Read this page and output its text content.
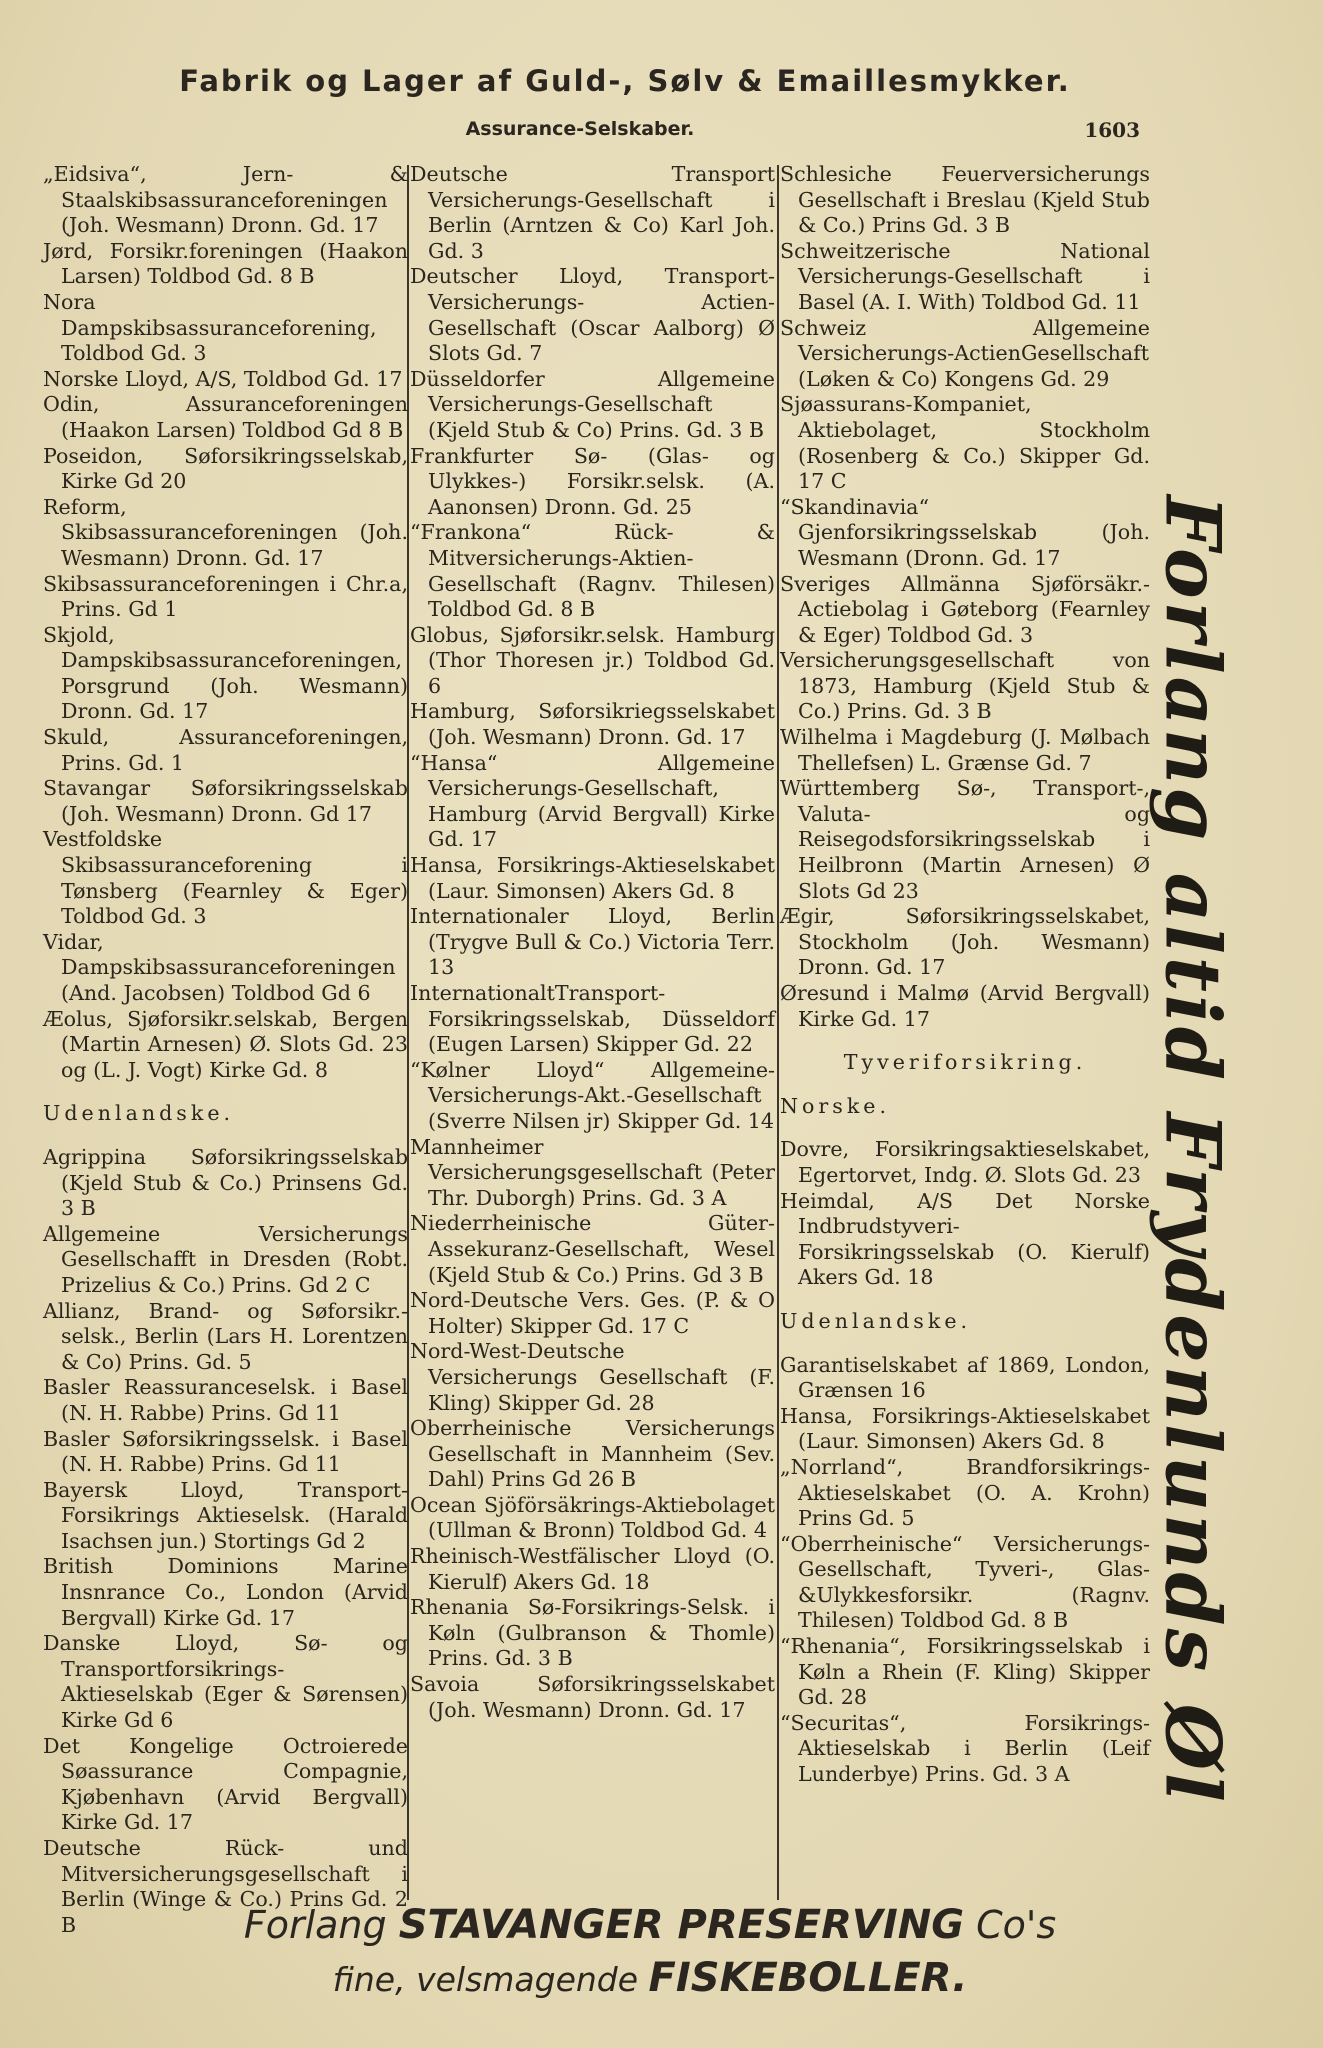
Fabrik og Lager af Guld-, Sølv & Emaillesmykker.
Assurance-Selskaber.	1603
„Eidsiva“, Jern- & Staalskibsassuranceforeningen (Joh. Wesmann) Dronn. Gd. 17
Jørd, Forsikr.foreningen (Haakon Larsen) Toldbod Gd. 8 B
Nora Dampskibsassuranceforening, Toldbod Gd. 3
Norske Lloyd, A/S, Toldbod Gd. 17
Odin, Assuranceforeningen (Haakon Larsen) Toldbod Gd 8 B
Poseidon, Søforsikringsselskab, Kirke Gd 20
Reform, Skibsassuranceforeningen (Joh. Wesmann) Dronn. Gd. 17
Skibsassuranceforeningen i Chr.a, Prins. Gd 1
Skjold, Dampskibsassuranceforeningen, Porsgrund (Joh. Wesmann) Dronn. Gd. 17
Skuld, Assuranceforeningen, Prins. Gd. 1
Stavangar Søforsikringsselskab (Joh. Wesmann) Dronn. Gd 17
Vestfoldske Skibsassuranceforening i Tønsberg (Fearnley & Eger) Toldbod Gd. 3
Vidar, Dampskibsassuranceforeningen (And. Jacobsen) Toldbod Gd 6
Æolus, Sjøforsikr.selskab, Bergen (Martin Arnesen) Ø. Slots Gd. 23 og (L. J. Vogt) Kirke Gd. 8
Udenlandske.
Agrippina Søforsikringsselskab (Kjeld Stub & Co.) Prinsens Gd. 3 B
Allgemeine Versicherungs Gesellschafft in Dresden (Robt. Prizelius & Co.) Prins. Gd 2 C
Allianz, Brand- og Søforsikr.-selsk., Berlin (Lars H. Lorentzen & Co) Prins. Gd. 5
Basler Reassuranceselsk. i Basel (N. H. Rabbe) Prins. Gd 11
Basler Søforsikringsselsk. i Basel (N. H. Rabbe) Prins. Gd 11
Bayersk Lloyd, Transport-Forsikrings Aktieselsk. (Harald Isachsen jun.) Stortings Gd 2
British Dominions Marine Insnrance Co., London (Arvid Bergvall) Kirke Gd. 17
Danske Lloyd, Sø- og Transportforsikrings-Aktieselskab (Eger & Sørensen) Kirke Gd 6
Det Kongelige Octroierede Søassurance Compagnie, Kjøbenhavn (Arvid Bergvall) Kirke Gd. 17
Deutsche Rück- und Mitversicherungsgesellschaft i Berlin (Winge & Co.) Prins Gd. 2 B
Deutsche Transport Versicherungs-Gesellschaft i Berlin (Arntzen & Co) Karl Joh. Gd. 3
Deutscher Lloyd, Transport-Versicherungs- Actien-Gesellschaft (Oscar Aalborg) Ø Slots Gd. 7
Düsseldorfer Allgemeine Versicherungs-Gesellschaft (Kjeld Stub & Co) Prins. Gd. 3 B
Frankfurter Sø- (Glas- og Ulykkes-) Forsikr.selsk. (A. Aanonsen) Dronn. Gd. 25
“Frankona“ Rück- & Mitversicherungs-Aktien-Gesellschaft (Ragnv. Thilesen) Toldbod Gd. 8 B
Globus, Sjøforsikr.selsk. Hamburg (Thor Thoresen jr.) Toldbod Gd. 6
Hamburg, Søforsikriegsselskabet (Joh. Wesmann) Dronn. Gd. 17
“Hansa“ Allgemeine Versicherungs-Gesellschaft, Hamburg (Arvid Bergvall) Kirke Gd. 17
Hansa, Forsikrings-Aktieselskabet (Laur. Simonsen) Akers Gd. 8
Internationaler Lloyd, Berlin (Trygve Bull & Co.) Victoria Terr. 13
InternationaltTransport-Forsikringsselskab, Düsseldorf (Eugen Larsen) Skipper Gd. 22
“Kølner Lloyd“ Allgemeine-Versicherungs-Akt.-Gesellschaft (Sverre Nilsen jr) Skipper Gd. 14
Mannheimer Versicherungsgesellschaft (Peter Thr. Duborgh) Prins. Gd. 3 A
Niederrheinische Güter-Assekuranz-Gesellschaft, Wesel (Kjeld Stub & Co.) Prins. Gd 3 B
Nord-Deutsche Vers. Ges. (P. & O Holter) Skipper Gd. 17 C
Nord-West-Deutsche Versicherungs Gesellschaft (F. Kling) Skipper Gd. 28
Oberrheinische Versicherungs Gesellschaft in Mannheim (Sev. Dahl) Prins Gd 26 B
Ocean Sjöförsäkrings-Aktiebolaget (Ullman & Bronn) Toldbod Gd. 4
Rheinisch-Westfälischer Lloyd (O. Kierulf) Akers Gd. 18
Rhenania Sø-Forsikrings-Selsk. i Køln (Gulbranson & Thomle) Prins. Gd. 3 B
Savoia Søforsikringsselskabet (Joh. Wesmann) Dronn. Gd. 17
Schlesiche Feuerversicherungs Gesellschaft i Breslau (Kjeld Stub & Co.) Prins Gd. 3 B
Schweitzerische National Versicherungs-Gesellschaft i Basel (A. I. With) Toldbod Gd. 11
Schweiz Allgemeine Versicherungs-ActienGesellschaft (Løken & Co) Kongens Gd. 29
Sjøassurans-Kompaniet, Aktiebolaget, Stockholm (Rosenberg & Co.) Skipper Gd. 17 C
“Skandinavia“ Gjenforsikringsselskab (Joh. Wesmann (Dronn. Gd. 17
Sveriges Allmänna Sjøförsäkr.-Actiebolag i Gøteborg (Fearnley & Eger) Toldbod Gd. 3
Versicherungsgesellschaft von 1873, Hamburg (Kjeld Stub & Co.) Prins. Gd. 3 B
Wilhelma i Magdeburg (J. Mølbach Thellefsen) L. Grænse Gd. 7
Württemberg Sø-, Transport-, Valuta- og Reisegodsforsikringsselskab i Heilbronn (Martin Arnesen) Ø Slots Gd 23
Ægir, Søforsikringsselskabet, Stockholm (Joh. Wesmann) Dronn. Gd. 17
Øresund i Malmø (Arvid Bergvall) Kirke Gd. 17
Tyveriforsikring.
Norske.
Dovre, Forsikringsaktieselskabet, Egertorvet, Indg. Ø. Slots Gd. 23
Heimdal, A/S Det Norske Indbrudstyveri-Forsikringsselskab (O. Kierulf) Akers Gd. 18
Udenlandske.
Garantiselskabet af 1869, London, Grænsen 16
Hansa, Forsikrings-Aktieselskabet (Laur. Simonsen) Akers Gd. 8
„Norrland“, Brandforsikrings-Aktieselskabet (O. A. Krohn) Prins Gd. 5
“Oberrheinische“ Versicherungs-Gesellschaft, Tyveri-, Glas-&Ulykkesforsikr. (Ragnv. Thilesen) Toldbod Gd. 8 B
“Rhenania“, Forsikringsselskab i Køln a Rhein (F. Kling) Skipper Gd. 28
“Securitas“, Forsikrings-Aktieselskab i Berlin (Leif Lunderbye) Prins. Gd. 3 A	Forlang altid Frydenlunds Øl
Forlang STAVANGER PRESERVING Co's
fine, velsmagende FISKEBOLLER.
